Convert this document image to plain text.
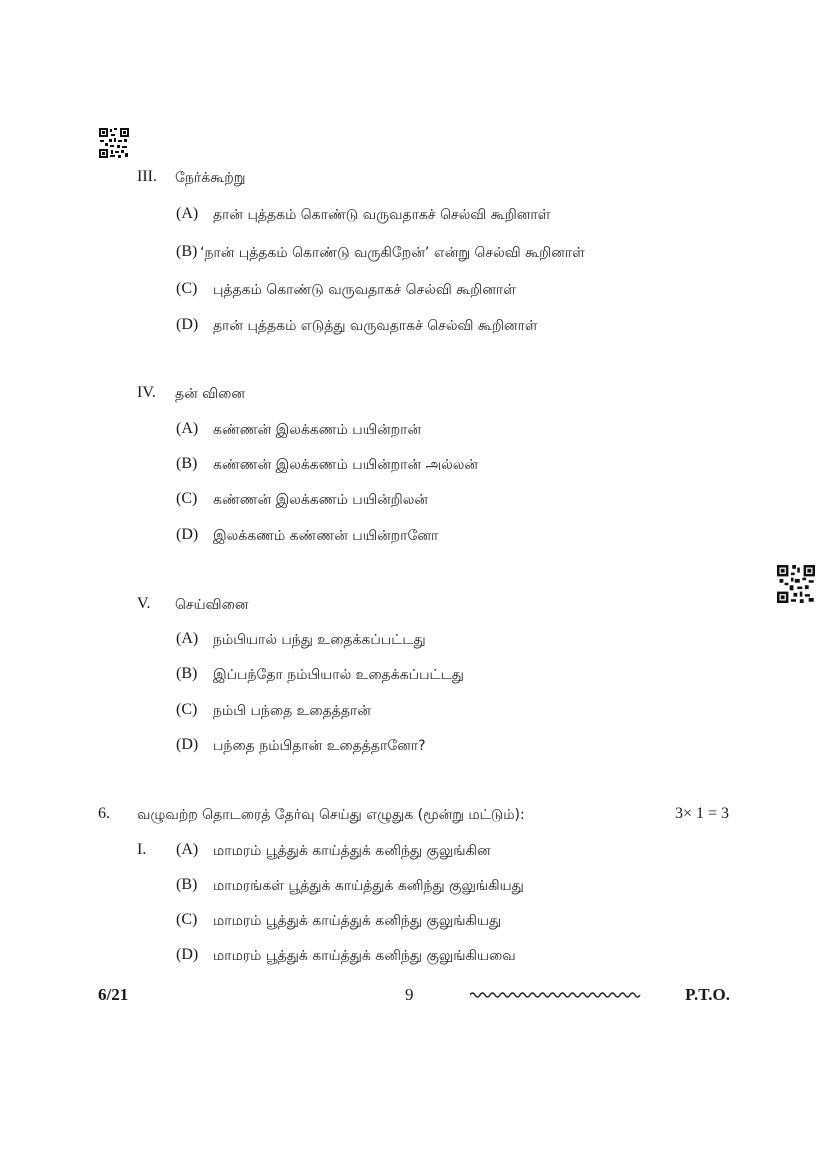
III. நேர்க்கூற்று
(A) தான் புத்தகம் கொண்டு வருவதாகச் செல்வி கூறினாள்
(B) ‘நான் புத்தகம் கொண்டு வருகிறேன்’ என்று செல்வி கூறினாள்
(C) புத்தகம் கொண்டு வருவதாகச் செல்வி கூறினாள்
(D) தான் புத்தகம் எடுத்து வருவதாகச் செல்வி கூறினாள்
IV. தன் வினை
(A) கண்ணன் இலக்கணம் பயின்றான்
(B) கண்ணன் இலக்கணம் பயின்றான் அல்லன்
(C) கண்ணன் இலக்கணம் பயின்றிலன்
(D) இலக்கணம் கண்ணன் பயின்றானோ
V. செய்வினை
(A) நம்பியால் பந்து உதைக்கப்பட்டது
(B) இப்பந்தோ நம்பியால் உதைக்கப்பட்டது
(C) நம்பி பந்தை உதைத்தான்
(D) பந்தை நம்பிதான் உதைத்தானோ?
6. வழுவற்ற தொடரைத் தேர்வு செய்து எழுதுக (மூன்று மட்டும்):	3× 1 = 3
I. (A) மாமரம் பூத்துக் காய்த்துக் கனிந்து குலுங்கின
(B) மாமரங்கள் பூத்துக் காய்த்துக் கனிந்து குலுங்கியது
(C) மாமரம் பூத்துக் காய்த்துக் கனிந்து குலுங்கியது
(D) மாமரம் பூத்துக் காய்த்துக் கனிந்து குலுங்கியவை
6/21	9	P.T.O.
